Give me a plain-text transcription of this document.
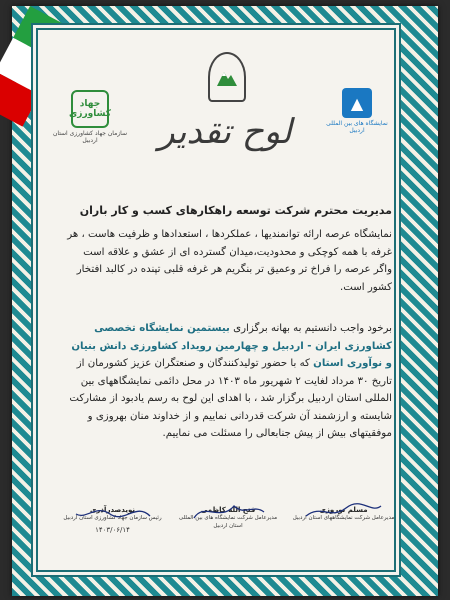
جهاد کشاورزی
سازمان جهاد کشاورزی استان اردبیل
▲
نمایشگاه های بین المللی اردبیل
لوح تقدیر
مدیریت محترم شرکت توسعه راهکارهای کسب و کار باران
نمایشگاه عرصه ارائه توانمندیها ، عملکردها ، استعدادها و ظرفیت هاست ، هر غرفه با همه کوچکی و محدودیت،میدان گسترده ای از عشق و علاقه است واگر عرصه را فراخ تر وعمیق تر بنگریم هر غرفه قلبی تپنده در کالبد افتخار کشور است.
برخود واجب دانستیم به بهانه برگزاری بیستمین نمایشگاه تخصصی کشاورزی ایران - اردبیل و چهارمین رویداد کشاورزی دانش بنیان و نوآوری استان که با حضور تولیدکنندگان و صنعتگران عزیز کشورمان از تاریخ ۳۰ مرداد لغایت ۲ شهریور ماه ۱۴۰۳ در محل دائمی نمایشگاههای بین المللی استان اردبیل برگزار شد ، با اهدای این لوح به رسم یادبود از مشارکت شایسته و ارزشمند آن شرکت قدردانی نماییم و از خداوند منان بهروزی و موفقیتهای بیش از پیش جنابعالی را مسئلت می نماییم.
مسلم نوروزی
مدیرعامل شرکت نمایشگاههای استان اردبیل
فتح الله کاظمی
مدیرعامل شرکت نمایشگاه های بین المللی استان اردبیل
نویدصدرآذری
رئیس سازمان جهاد کشاورزی استان اردبیل
۱۴۰۳/۰۶/۱۴
